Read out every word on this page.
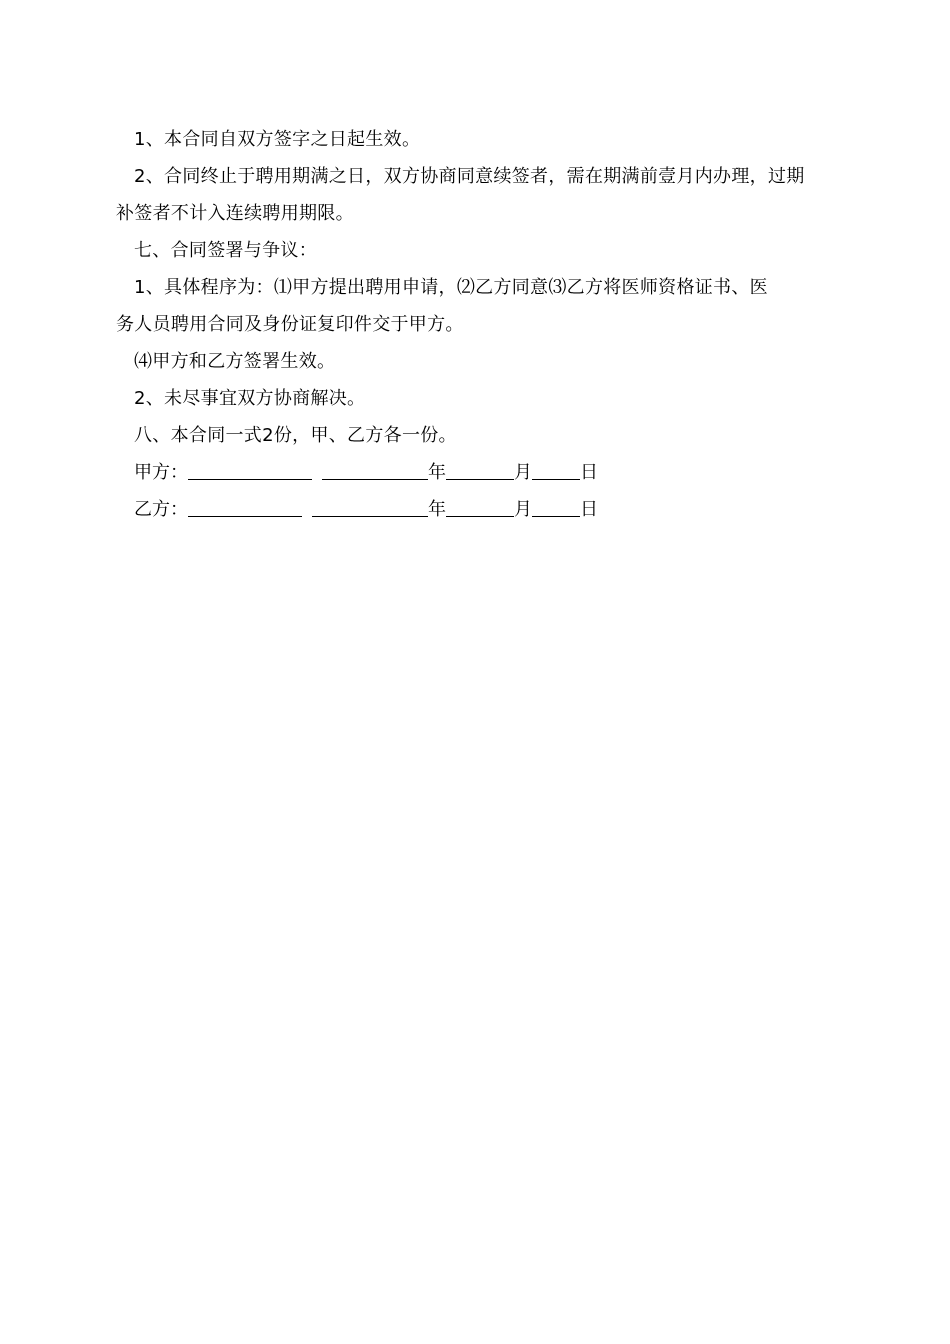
1、本合同自双方签字之日起生效。

2、合同终止于聘用期满之日，双方协商同意续签者，需在期满前壹月内办理，过期

补签者不计入连续聘用期限。

七、合同签署与争议：

1、具体程序为：⑴甲方提出聘用申请，⑵乙方同意⑶乙方将医师资格证书、医

务人员聘用合同及身份证复印件交于甲方。

⑷甲方和乙方签署生效。

2、未尽事宜双方协商解决。

八、本合同一式2份，甲、乙方各一份。

甲方：	年	月	日
乙方：	年	月	日
